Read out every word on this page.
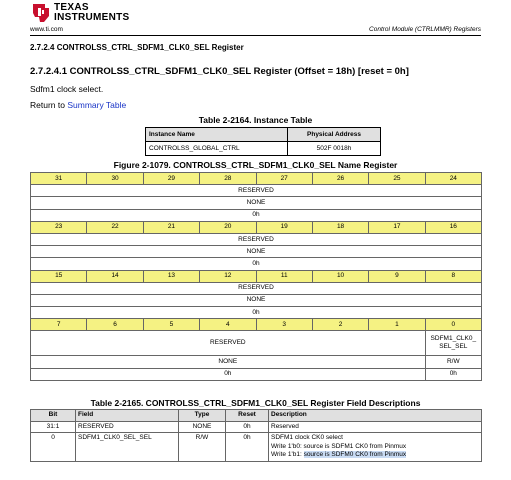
TEXAS
INSTRUMENTS
www.ti.com	Control Module (CTRLMMR) Registers
2.7.2.4 CONTROLSS_CTRL_SDFM1_CLK0_SEL Register
2.7.2.4.1 CONTROLSS_CTRL_SDFM1_CLK0_SEL Register (Offset = 18h) [reset = 0h]
Sdfm1 clock select.
Return to Summary Table
Table 2-2164. Instance Table
Instance Name	Physical Address
CONTROLSS_GLOBAL_CTRL	502F 0018h
Figure 2-1079. CONTROLSS_CTRL_SDFM1_CLK0_SEL Name Register
31	30	29	28	27	26	25	24
RESERVED							
NONE							
0h							
23	22	21	20	19	18	17	16
RESERVED							
NONE							
0h							
15	14	13	12	11	10	9	8
RESERVED							
NONE							
0h							
7	6	5	4	3	2	1	0
RESERVED							SDFM1_CLK0_
SEL_SEL

NONE							R/W
0h							0h
Table 2-2165. CONTROLSS_CTRL_SDFM1_CLK0_SEL Register Field Descriptions
Bit	Field	Type	Reset	Description
31:1	RESERVED	NONE	0h	Reserved
0	SDFM1_CLK0_SEL_SEL	R/W	0h	SDFM1 clock CK0 select
Write 1'b0: source is SDFM1 CK0 from Pinmux
Write 1'b1: source is SDFM0 CK0 from Pinmux
